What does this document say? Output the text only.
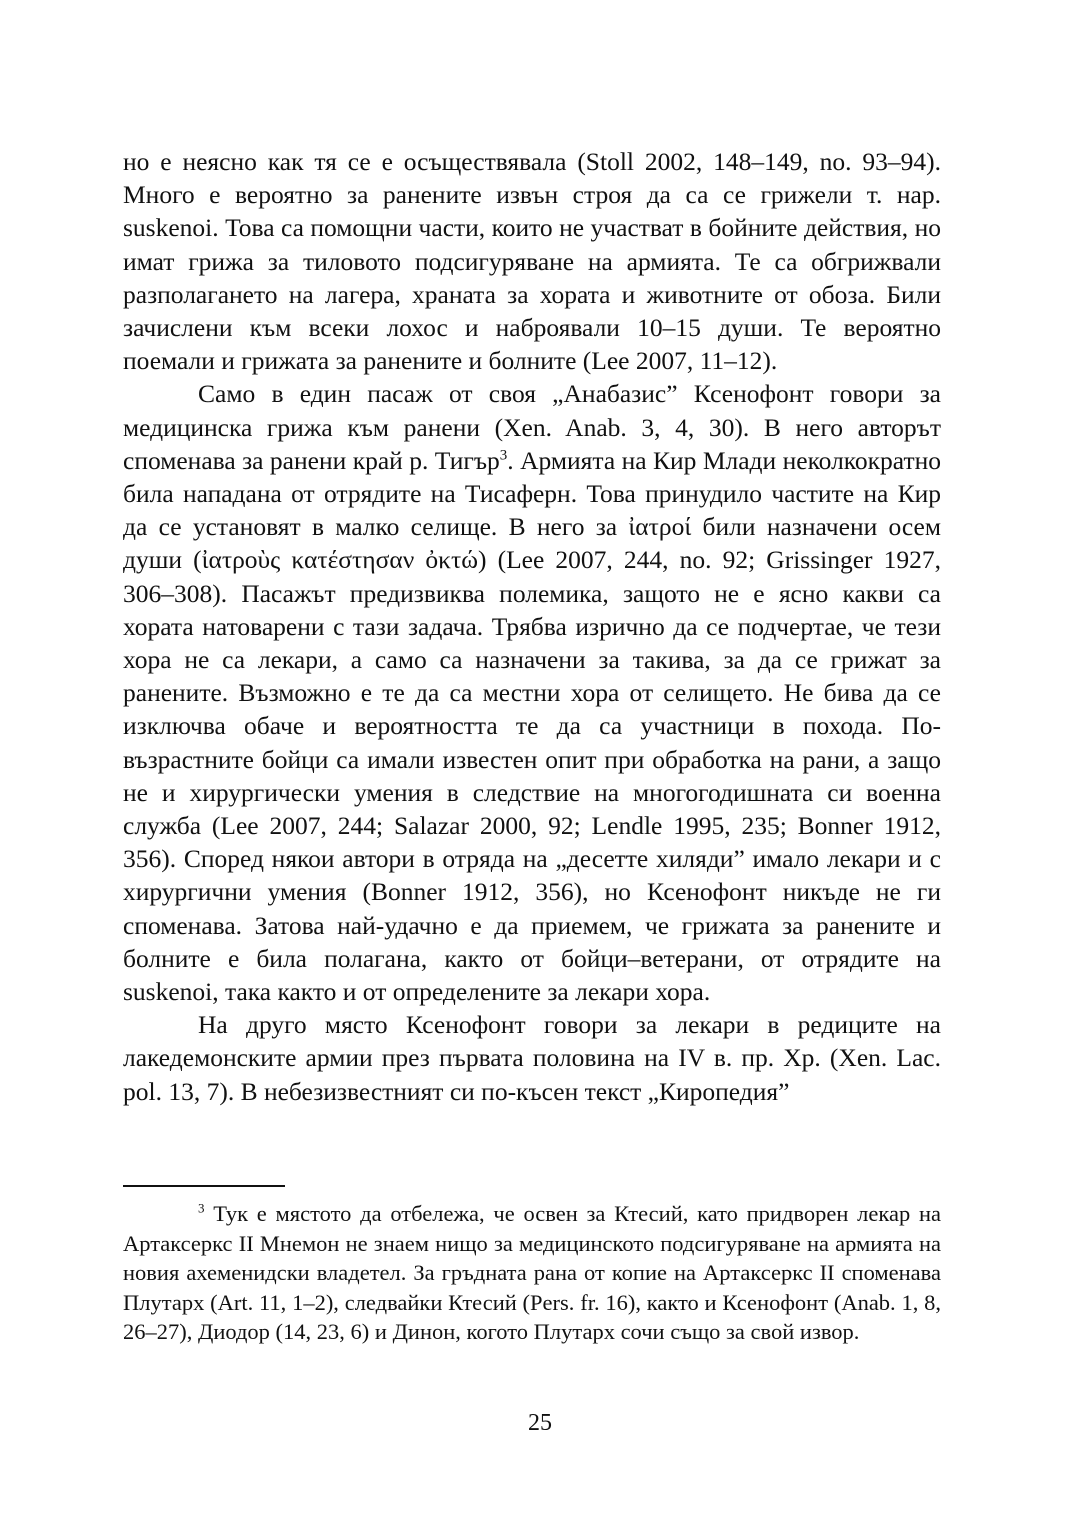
но е неясно как тя се е осъществявала (Stoll 2002, 148–149, no. 93–94). Много е вероятно за ранените извън строя да са се грижели т. нар. suskenoi. Това са помощни части, които не участват в бойните действия, но имат грижа за тиловото подсигуряване на армията. Те са обгрижвали разполагането на лагера, храната за хората и животните от обоза. Били зачислени към всеки лохос и наброявали 10–15 души. Те вероятно поемали и грижата за ранените и болните (Lee 2007, 11–12).

Само в един пасаж от своя „Анабазис” Ксенофонт говори за медицинска грижа към ранени (Xen. Anab. 3, 4, 30). В него авторът споменава за ранени край р. Тигър$^3$. Армията на Кир Млади неколкократно била нападана от отрядите на Тисаферн. Това принудило частите на Кир да се установят в малко селище. В него за ἰατροί били назначени осем души (ἰατροὺς κατέστησαν ὀκτώ) (Lee 2007, 244, no. 92; Grissinger 1927, 306–308). Пасажът предизвиква полемика, защото не е ясно какви са хората натоварени с тази задача. Трябва изрично да се подчертае, че тези хора не са лекари, а само са назначени за такива, за да се грижат за ранените. Възможно е те да са местни хора от селището. Не бива да се изключва обаче и вероятността те да са участници в похода. По-възрастните бойци са имали известен опит при обработка на рани, а защо не и хирургически умения в следствие на многогодишната си военна служба (Lee 2007, 244; Salazar 2000, 92; Lendle 1995, 235; Bonner 1912, 356). Според някои автори в отряда на „десетте хиляди” имало лекари и с хирургични умения (Bonner 1912, 356), но Ксенофонт никъде не ги споменава. Затова най-удачно е да приемем, че грижата за ранените и болните е била полагана, както от бойци–ветерани, от отрядите на suskenoi, така както и от определените за лекари хора.

На друго място Ксенофонт говори за лекари в редиците на лакедемонските армии през първата половина на IV в. пр. Хр. (Xen. Lac. pol. 13, 7). В небезизвестният си по-късен текст „Киропедия”

$^3$ Тук е мястото да отбележа, че освен за Ктесий, като придворен лекар на Артаксеркс II Мнемон не знаем нищо за медицинското подсигуряване на армията на новия ахеменидски владетел. За гръдната рана от копие на Артаксеркс II споменава Плутарх (Art. 11, 1–2), следвайки Ктесий (Pers. fr. 16), както и Ксенофонт (Anab. 1, 8, 26–27), Диодор (14, 23, 6) и Динон, когото Плутарх сочи също за свой извор.

25
